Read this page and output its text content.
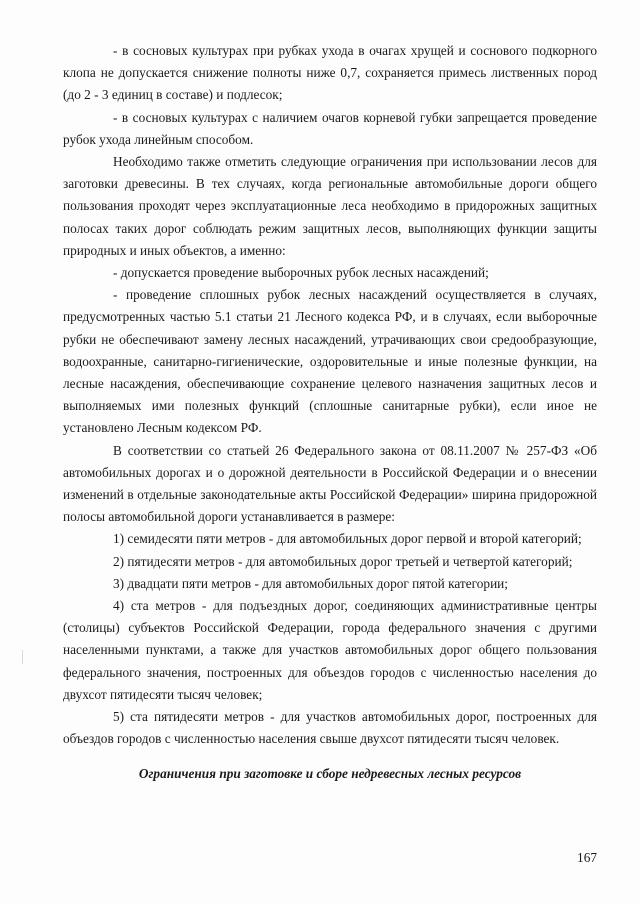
- в сосновых культурах при рубках ухода в очагах хрущей и соснового подкорного клопа не допускается снижение полноты ниже 0,7, сохраняется примесь лиственных пород (до 2 - 3 единиц в составе) и подлесок;

- в сосновых культурах с наличием очагов корневой губки запрещается проведение рубок ухода линейным способом.

Необходимо также отметить следующие ограничения при использовании лесов для заготовки древесины. В тех случаях, когда региональные автомобильные дороги общего пользования проходят через эксплуатационные леса необходимо в придорожных защитных полосах таких дорог соблюдать режим защитных лесов, выполняющих функции защиты природных и иных объектов, а именно:

- допускается проведение выборочных рубок лесных насаждений;

- проведение сплошных рубок лесных насаждений осуществляется в случаях, предусмотренных частью 5.1 статьи 21 Лесного кодекса РФ, и в случаях, если выборочные рубки не обеспечивают замену лесных насаждений, утрачивающих свои средообразующие, водоохранные, санитарно-гигиенические, оздоровительные и иные полезные функции, на лесные насаждения, обеспечивающие сохранение целевого назначения защитных лесов и выполняемых ими полезных функций (сплошные санитарные рубки), если иное не установлено Лесным кодексом РФ.

В соответствии со статьей 26 Федерального закона от 08.11.2007 № 257-ФЗ «Об автомобильных дорогах и о дорожной деятельности в Российской Федерации и о внесении изменений в отдельные законодательные акты Российской Федерации» ширина придорожной полосы автомобильной дороги устанавливается в размере:

1) семидесяти пяти метров - для автомобильных дорог первой и второй категорий;

2) пятидесяти метров - для автомобильных дорог третьей и четвертой категорий;

3) двадцати пяти метров - для автомобильных дорог пятой категории;

4) ста метров - для подъездных дорог, соединяющих административные центры (столицы) субъектов Российской Федерации, города федерального значения с другими населенными пунктами, а также для участков автомобильных дорог общего пользования федерального значения, построенных для объездов городов с численностью населения до двухсот пятидесяти тысяч человек;

5) ста пятидесяти метров - для участков автомобильных дорог, построенных для объездов городов с численностью населения свыше двухсот пятидесяти тысяч человек.

Ограничения при заготовке и сборе недревесных лесных ресурсов

167
